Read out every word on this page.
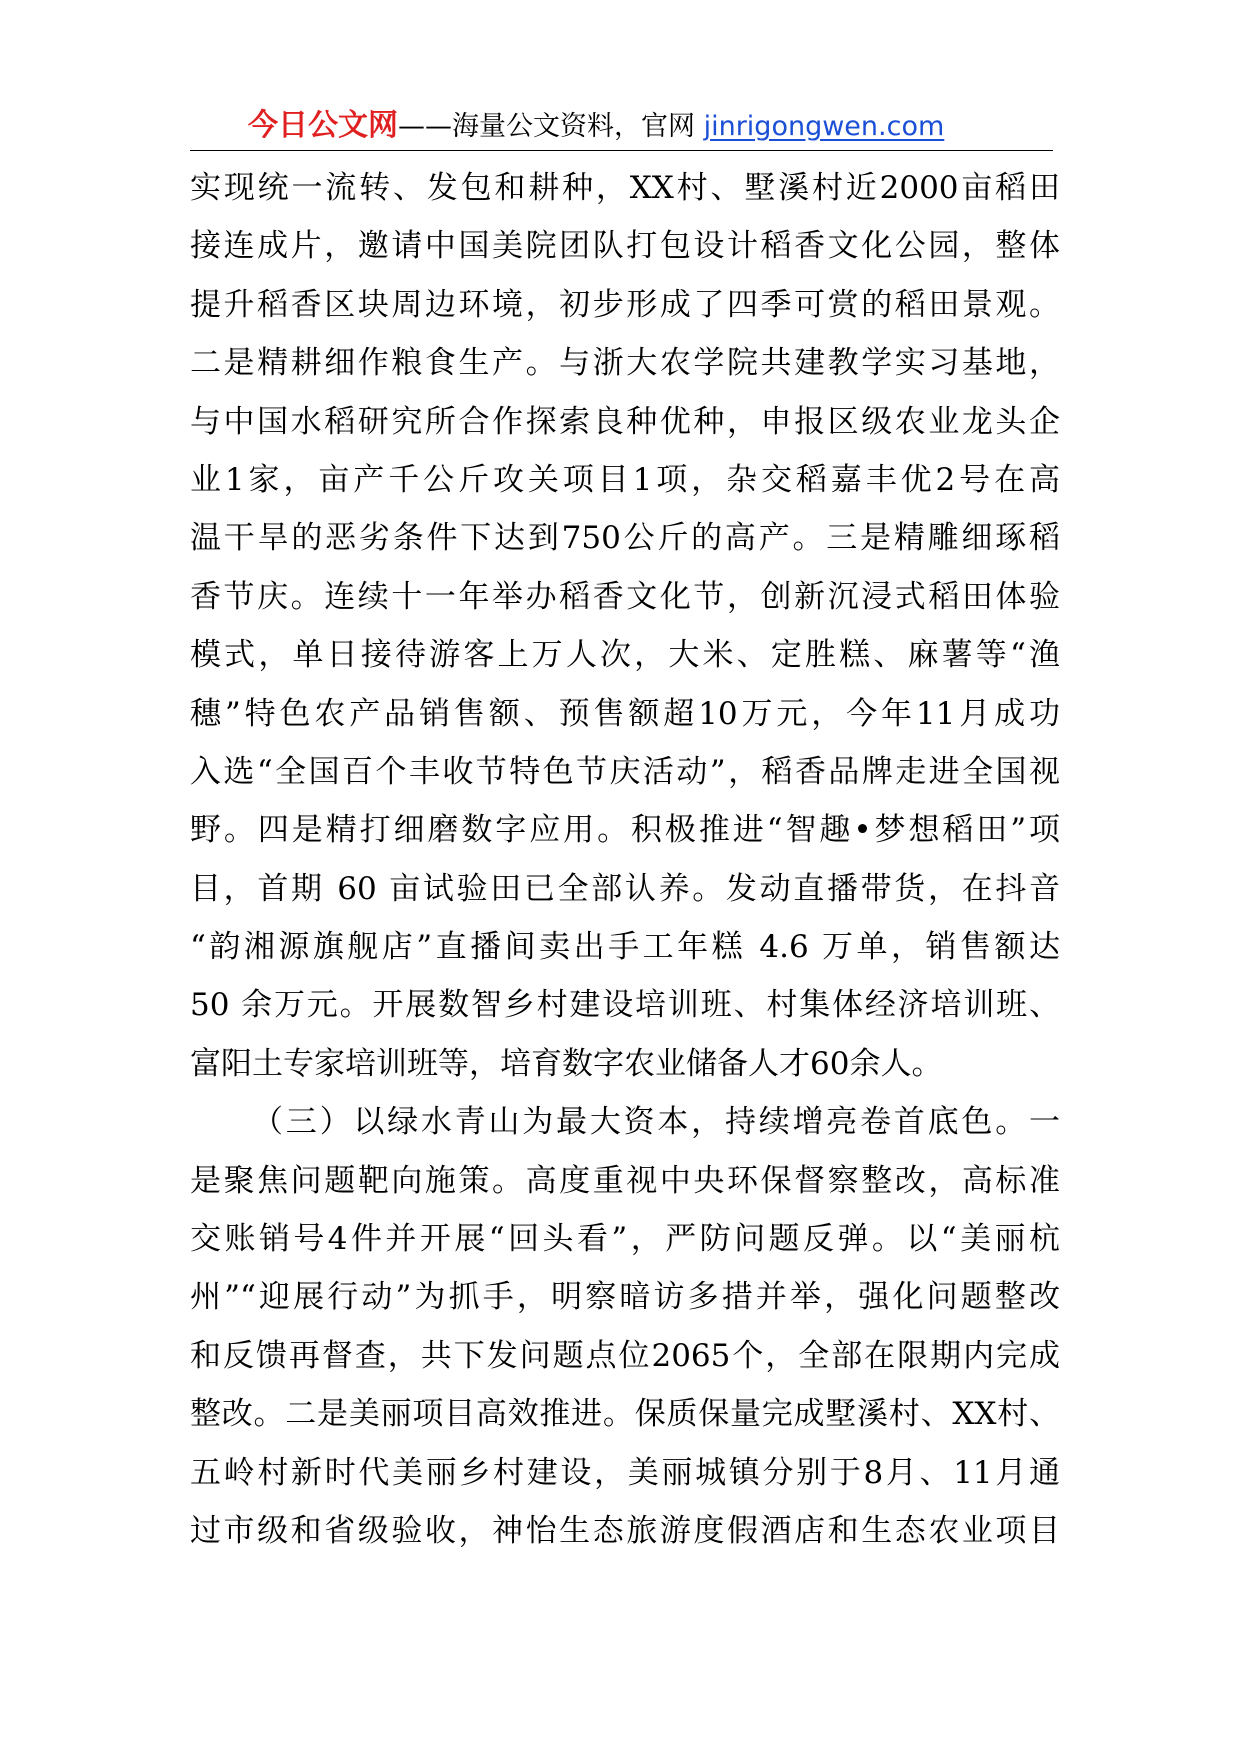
今日公文网——海量公文资料，官网 jinrigongwen.com
实现统一流转、发包和耕种，XX村、墅溪村近2000亩稻田
接连成片，邀请中国美院团队打包设计稻香文化公园，整体
提升稻香区块周边环境，初步形成了四季可赏的稻田景观。
二是精耕细作粮食生产。与浙大农学院共建教学实习基地，
与中国水稻研究所合作探索良种优种，申报区级农业龙头企
业1家，亩产千公斤攻关项目1项，杂交稻嘉丰优2号在高
温干旱的恶劣条件下达到750公斤的高产。三是精雕细琢稻
香节庆。连续十一年举办稻香文化节，创新沉浸式稻田体验
模式，单日接待游客上万人次，大米、定胜糕、麻薯等“渔
穗”特色农产品销售额、预售额超10万元，今年11月成功
入选“全国百个丰收节特色节庆活动”，稻香品牌走进全国视
野。四是精打细磨数字应用。积极推进“智趣•梦想稻田”项
目，首期 60 亩试验田已全部认养。发动直播带货，在抖音
“韵湘源旗舰店”直播间卖出手工年糕 4.6 万单，销售额达
50 余万元。开展数智乡村建设培训班、村集体经济培训班、
富阳土专家培训班等，培育数字农业储备人才60余人。
（三）以绿水青山为最大资本，持续增亮卷首底色。一
是聚焦问题靶向施策。高度重视中央环保督察整改，高标准
交账销号4件并开展“回头看”，严防问题反弹。以“美丽杭
州”“迎展行动”为抓手，明察暗访多措并举，强化问题整改
和反馈再督查，共下发问题点位2065个，全部在限期内完成
整改。二是美丽项目高效推进。保质保量完成墅溪村、XX村、
五岭村新时代美丽乡村建设，美丽城镇分别于8月、11月通
过市级和省级验收，神怡生态旅游度假酒店和生态农业项目
